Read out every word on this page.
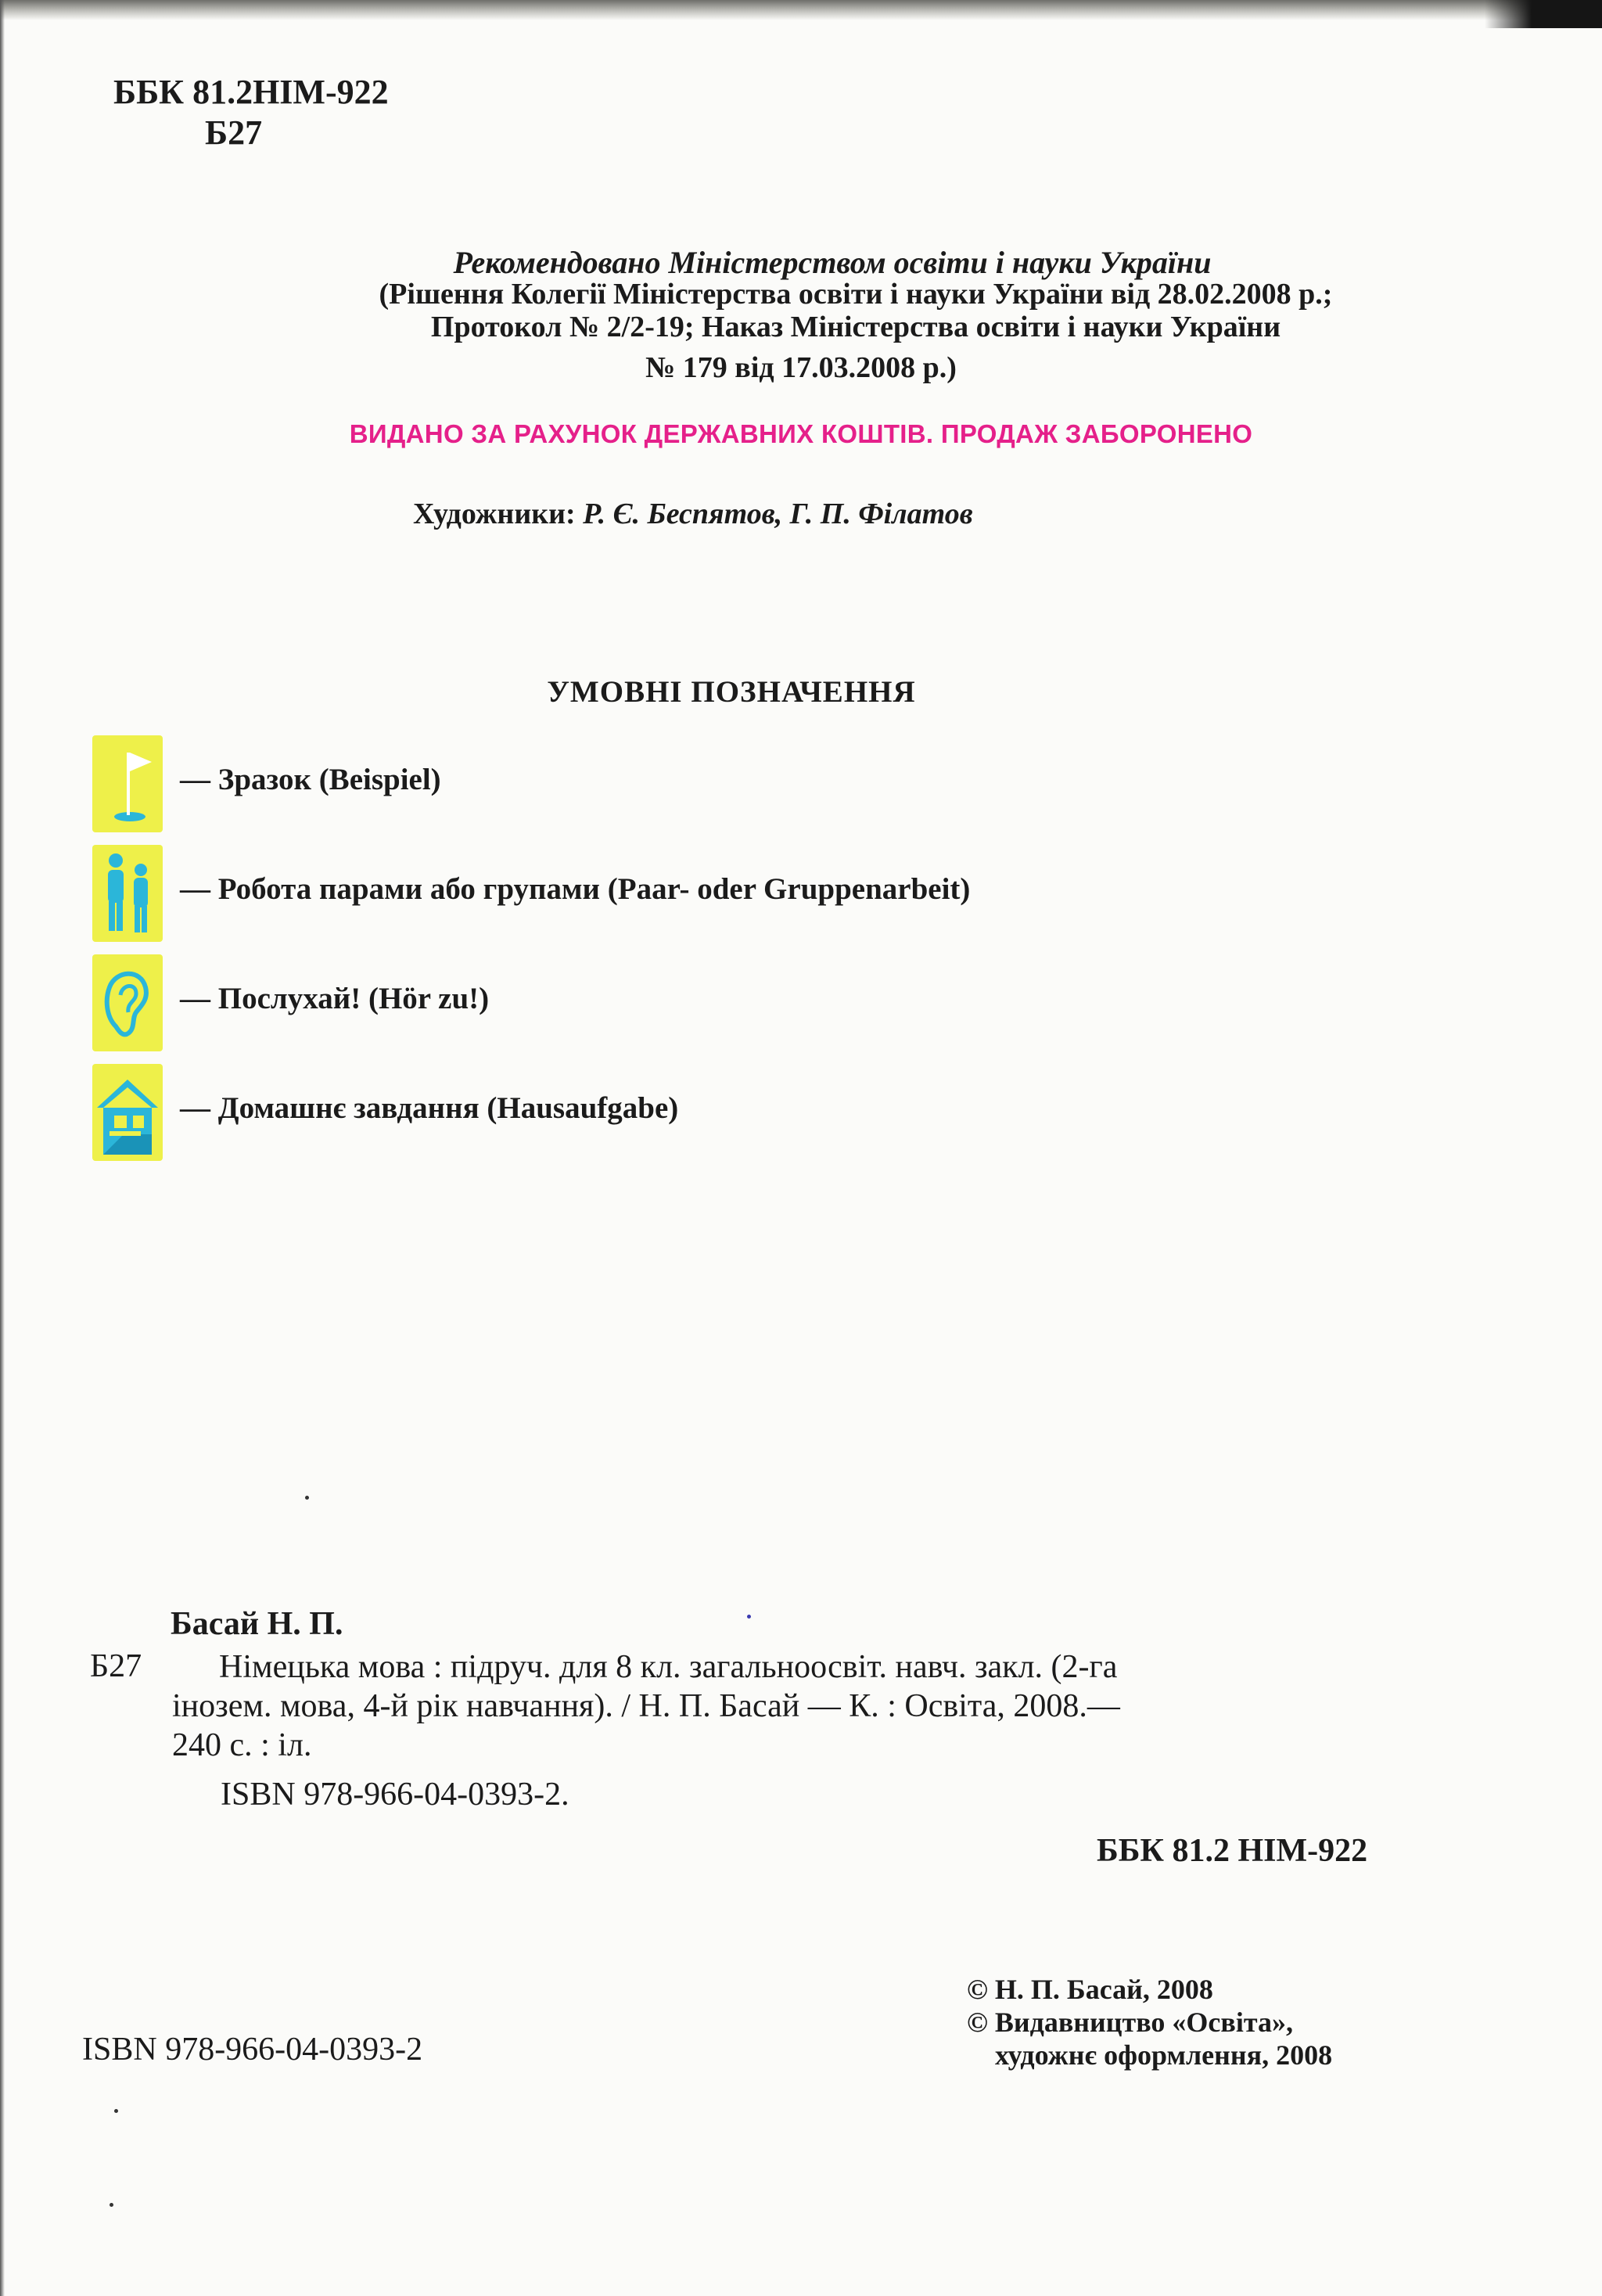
ББК 81.2НІМ-922
Б27
Рекомендовано Міністерством освіти і науки України
(Рішення Колегії Міністерства освіти і науки України від 28.02.2008 р.;
Протокол № 2/2-19; Наказ Міністерства освіти і науки України
№ 179 від 17.03.2008 р.)
ВИДАНО ЗА РАХУНОК ДЕРЖАВНИХ КОШТІВ. ПРОДАЖ ЗАБОРОНЕНО
Художники: Р. Є. Беспятов, Г. П. Філатов
УМОВНІ ПОЗНАЧЕННЯ
— Зразок (Beispiel)
— Робота парами або групами (Paar- oder Gruppenarbeit)
— Послухай! (Hör zu!)
— Домашнє завдання (Hausaufgabe)
Басай Н. П.
Б27 Німецька мова : підруч. для 8 кл. загальноосвіт. навч. закл. (2-га
інозем. мова, 4-й рік навчання). / Н. П. Басай — К. : Освіта, 2008.—
240 с. : іл.
ISBN 978-966-04-0393-2.
ББК 81.2 НІМ-922
© Н. П. Басай, 2008
© Видавництво «Освіта»,
художнє оформлення, 2008
ISBN 978-966-04-0393-2
